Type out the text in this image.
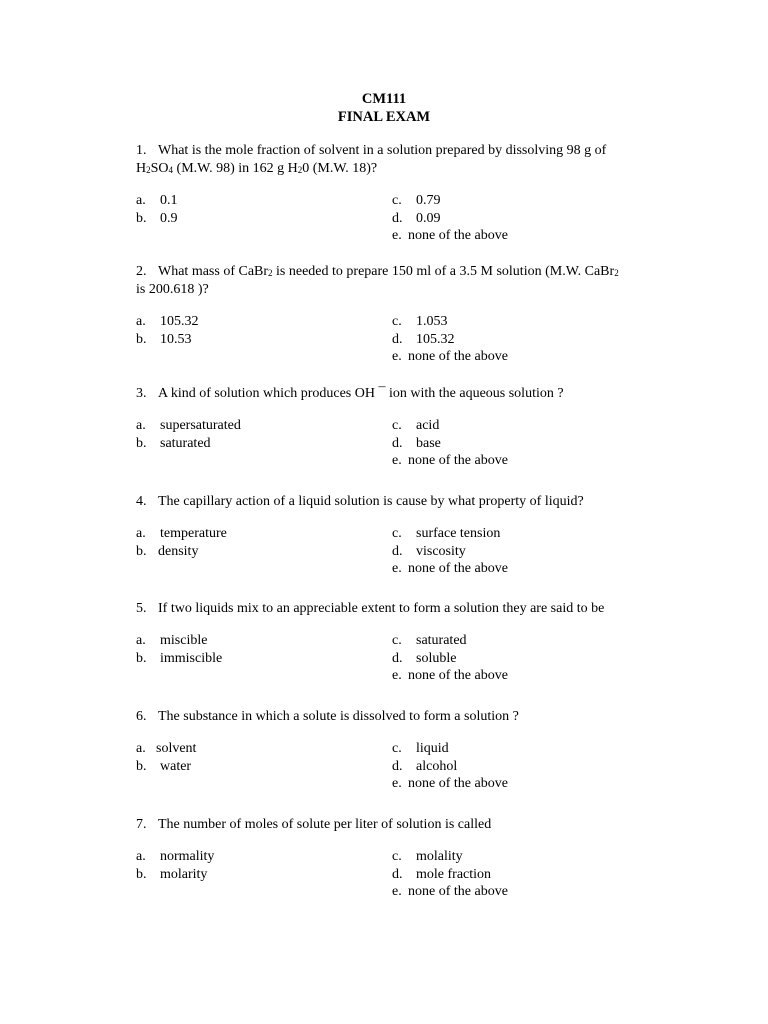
CM111
FINAL EXAM
1. What is the mole fraction of solvent in a solution prepared by dissolving 98 g of
$H_2SO_4$ (M.W. 98) in 162 g $H_20$ (M.W. 18)?
a. 0.1
b. 0.9
c. 0.79
d. 0.09
e. none of the above
2. What mass of CaBr$_2$ is needed to prepare 150 ml of a 3.5 M solution (M.W. CaBr$_2$
is 200.618 )?
a. 105.32
b. 10.53
c. 1.053
d. 105.32
e. none of the above
3. A kind of solution which produces OH ¯ ion with the aqueous solution ?
a. supersaturated
b. saturated
c. acid
d. base
e. none of the above
4. The capillary action of a liquid solution is cause by what property of liquid?
a. temperature
b. density
c. surface tension
d. viscosity
e. none of the above
5. If two liquids mix to an appreciable extent to form a solution they are said to be
a. miscible
b. immiscible
c. saturated
d. soluble
e. none of the above
6. The substance in which a solute is dissolved to form a solution ?
a. solvent
b. water
c. liquid
d. alcohol
e. none of the above
7. The number of moles of solute per liter of solution is called
a. normality
b. molarity
c. molality
d. mole fraction
e. none of the above
